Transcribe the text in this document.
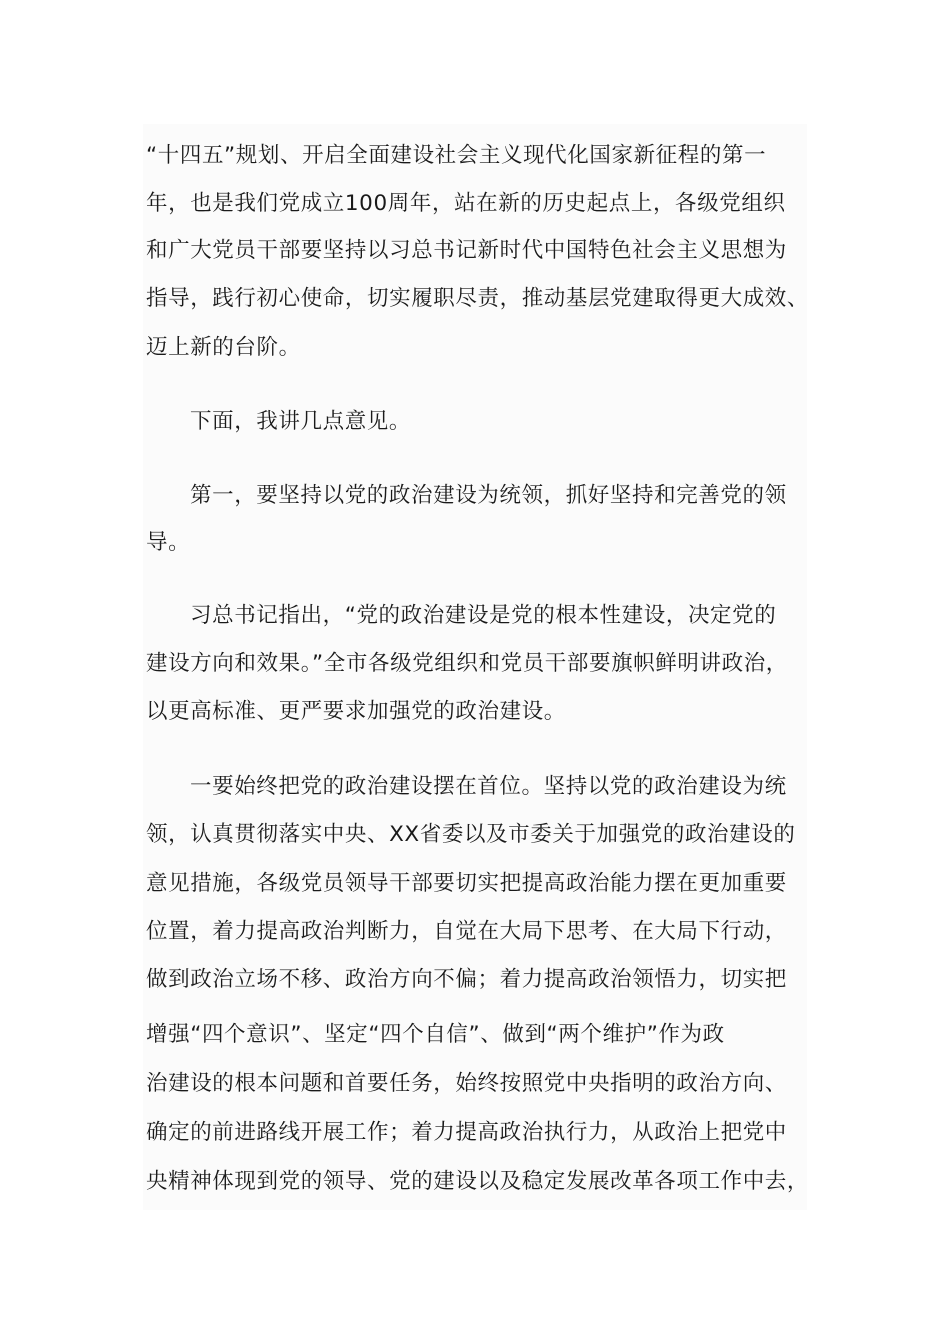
“十四五”规划、开启全面建设社会主义现代化国家新征程的第一
年，也是我们党成立100周年，站在新的历史起点上，各级党组织
和广大党员干部要坚持以习总书记新时代中国特色社会主义思想为
指导，践行初心使命，切实履职尽责，推动基层党建取得更大成效、
迈上新的台阶。
下面，我讲几点意见。
第一，要坚持以党的政治建设为统领，抓好坚持和完善党的领
导。
习总书记指出，“党的政治建设是党的根本性建设，决定党的
建设方向和效果。”全市各级党组织和党员干部要旗帜鲜明讲政治，
以更高标准、更严要求加强党的政治建设。
一要始终把党的政治建设摆在首位。坚持以党的政治建设为统
领，认真贯彻落实中央、XX省委以及市委关于加强党的政治建设的
意见措施，各级党员领导干部要切实把提高政治能力摆在更加重要
位置，着力提高政治判断力，自觉在大局下思考、在大局下行动，
做到政治立场不移、政治方向不偏；着力提高政治领悟力，切实把
增强“四个意识”、坚定“四个自信”、做到“两个维护”作为政
治建设的根本问题和首要任务，始终按照党中央指明的政治方向、
确定的前进路线开展工作；着力提高政治执行力，从政治上把党中
央精神体现到党的领导、党的建设以及稳定发展改革各项工作中去，
